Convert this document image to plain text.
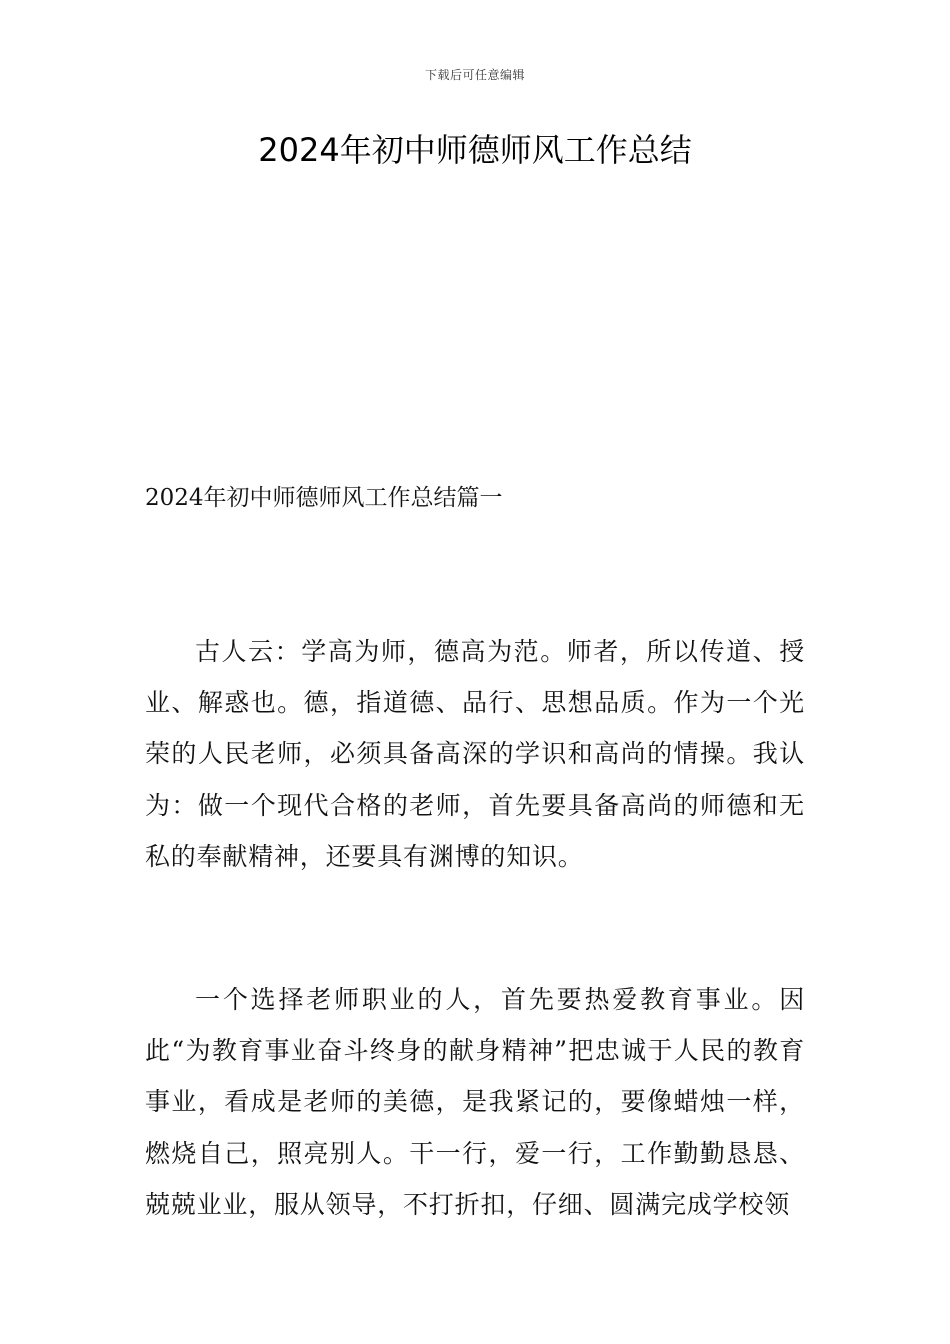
下载后可任意编辑
2024年初中师德师风工作总结
2024年初中师德师风工作总结篇一

古人云：学高为师，德高为范。师者，所以传道、授业、解惑也。德，指道德、品行、思想品质。作为一个光荣的人民老师，必须具备高深的学识和高尚的情操。我认为：做一个现代合格的老师，首先要具备高尚的师德和无私的奉献精神，还要具有渊博的知识。

一个选择老师职业的人，首先要热爱教育事业。因此“为教育事业奋斗终身的献身精神”把忠诚于人民的教育事业，看成是老师的美德，是我紧记的，要像蜡烛一样，燃烧自己，照亮别人。干一行，爱一行，工作勤勤恳恳、兢兢业业，服从领导，不打折扣，仔细、圆满完成学校领
